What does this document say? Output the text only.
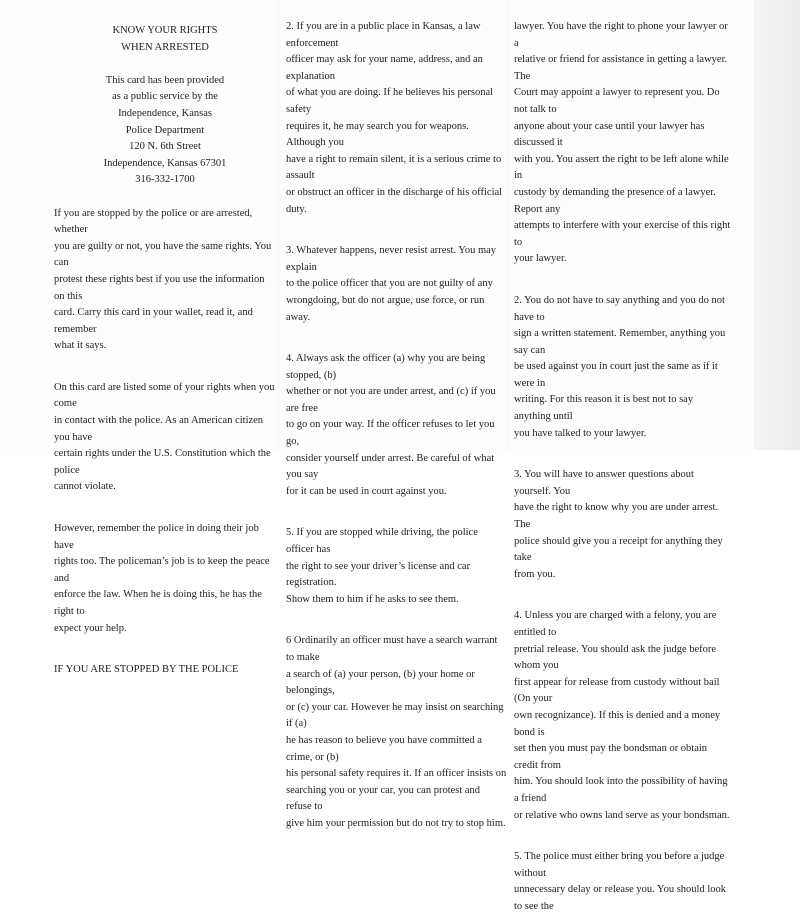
KNOW YOUR RIGHTS
WHEN ARRESTED

This card has been provided
as a public service by the
Independence, Kansas
Police Department
120 N. 6th Street
Independence, Kansas 67301
316-332-1700

If you are stopped by the police or are arrested, whether
you are guilty or not, you have the same rights. You can
protest these rights best if you use the information on this
card. Carry this card in your wallet, read it, and remember
what it says.

On this card are listed some of your rights when you come
in contact with the police. As an American citizen you have
certain rights under the U.S. Constitution which the police
cannot violate.

However, remember the police in doing their job have
rights too. The policeman’s job is to keep the peace and
enforce the law. When he is doing this, he has the right to
expect your help.

IF YOU ARE STOPPED BY THE POLICE

2. If you are in a public place in Kansas, a law enforcement
officer may ask for your name, address, and an explanation
of what you are doing. If he believes his personal safety
requires it, he may search you for weapons. Although you
have a right to remain silent, it is a serious crime to assault
or obstruct an officer in the discharge of his official duty.

3. Whatever happens, never resist arrest. You may explain
to the police officer that you are not guilty of any
wrongdoing, but do not argue, use force, or run away.

4. Always ask the officer (a) why you are being stopped, (b)
whether or not you are under arrest, and (c) if you are free
to go on your way. If the officer refuses to let you go,
consider yourself under arrest. Be careful of what you say
for it can be used in court against you.

5. If you are stopped while driving, the police officer has
the right to see your driver’s license and car registration.
Show them to him if he asks to see them.

6 Ordinarily an officer must have a search warrant to make
a search of (a) your person, (b) your home or belongings,
or (c) your car. However he may insist on searching if (a)
he has reason to believe you have committed a crime, or (b)
his personal safety requires it. If an officer insists on
searching you or your car, you can protest and refuse to
give him your permission but do not try to stop him.

lawyer. You have the right to phone your lawyer or a
relative or friend for assistance in getting a lawyer. The
Court may appoint a lawyer to represent you. Do not talk to
anyone about your case until your lawyer has discussed it
with you. You assert the right to be left alone while in
custody by demanding the presence of a lawyer. Report any
attempts to interfere with your exercise of this right to
your lawyer.

2. You do not have to say anything and you do not have to
sign a written statement. Remember, anything you say can
be used against you in court just the same as if it were in
writing. For this reason it is best not to say anything until
you have talked to your lawyer.

3. You will have to answer questions about yourself. You
have the right to know why you are under arrest. The
police should give you a receipt for anything they take
from you.

4. Unless you are charged with a felony, you are entitled to
pretrial release. You should ask the judge before whom you
first appear for release from custody without bail (On your
own recognizance). If this is denied and a money bond is
set then you must pay the bondsman or obtain credit from
him. You should look into the possibility of having a friend
or relative who owns land serve as your bondsman.

5. The police must either bring you before a judge without
unnecessary delay or release you. You should look to see the
